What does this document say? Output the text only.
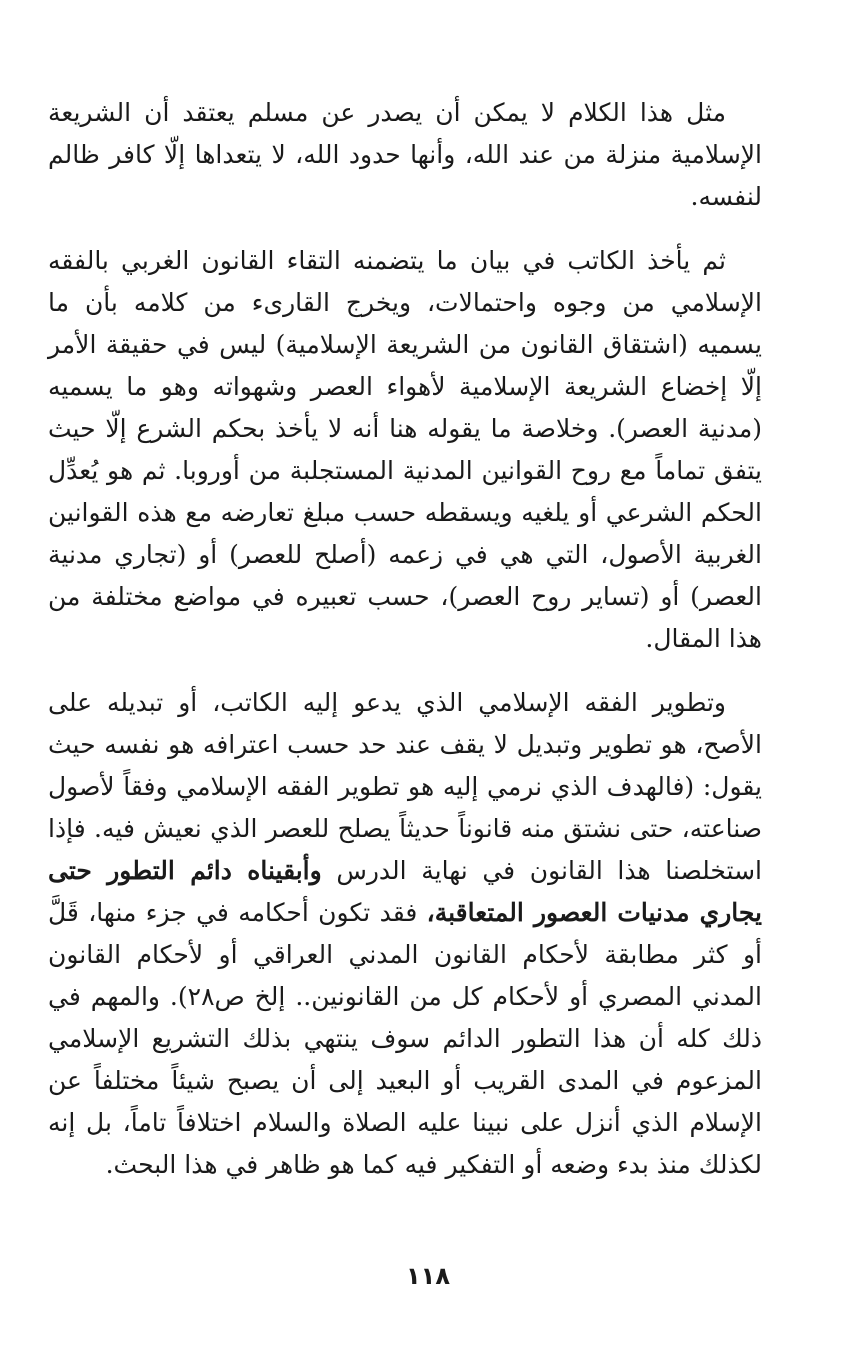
مثل هذا الكلام لا يمكن أن يصدر عن مسلم يعتقد أن الشريعة الإسلامية منزلة من عند الله، وأنها حدود الله، لا يتعداها إلّا كافر ظالم لنفسه.

ثم يأخذ الكاتب في بيان ما يتضمنه التقاء القانون الغربي بالفقه الإسلامي من وجوه واحتمالات، ويخرج القارىء من كلامه بأن ما يسميه (اشتقاق القانون من الشريعة الإسلامية) ليس في حقيقة الأمر إلّا إخضاع الشريعة الإسلامية لأهواء العصر وشهواته وهو ما يسميه (مدنية العصر). وخلاصة ما يقوله هنا أنه لا يأخذ بحكم الشرع إلّا حيث يتفق تماماً مع روح القوانين المدنية المستجلبة من أوروبا. ثم هو يُعدِّل الحكم الشرعي أو يلغيه ويسقطه حسب مبلغ تعارضه مع هذه القوانين الغربية الأصول، التي هي في زعمه (أصلح للعصر) أو (تجاري مدنية العصر) أو (تساير روح العصر)، حسب تعبيره في مواضع مختلفة من هذا المقال.

وتطوير الفقه الإسلامي الذي يدعو إليه الكاتب، أو تبديله على الأصح، هو تطوير وتبديل لا يقف عند حد حسب اعترافه هو نفسه حيث يقول: (فالهدف الذي نرمي إليه هو تطوير الفقه الإسلامي وفقاً لأصول صناعته، حتى نشتق منه قانوناً حديثاً يصلح للعصر الذي نعيش فيه. فإذا استخلصنا هذا القانون في نهاية الدرس وأبقيناه دائم التطور حتى يجاري مدنيات العصور المتعاقبة، فقد تكون أحكامه في جزء منها، قَلَّ أو كثر مطابقة لأحكام القانون المدني العراقي أو لأحكام القانون المدني المصري أو لأحكام كل من القانونين.. إلخ ص٢٨). والمهم في ذلك كله أن هذا التطور الدائم سوف ينتهي بذلك التشريع الإسلامي المزعوم في المدى القريب أو البعيد إلى أن يصبح شيئاً مختلفاً عن الإسلام الذي أنزل على نبينا عليه الصلاة والسلام اختلافاً تاماً، بل إنه لكذلك منذ بدء وضعه أو التفكير فيه كما هو ظاهر في هذا البحث.

١١٨
